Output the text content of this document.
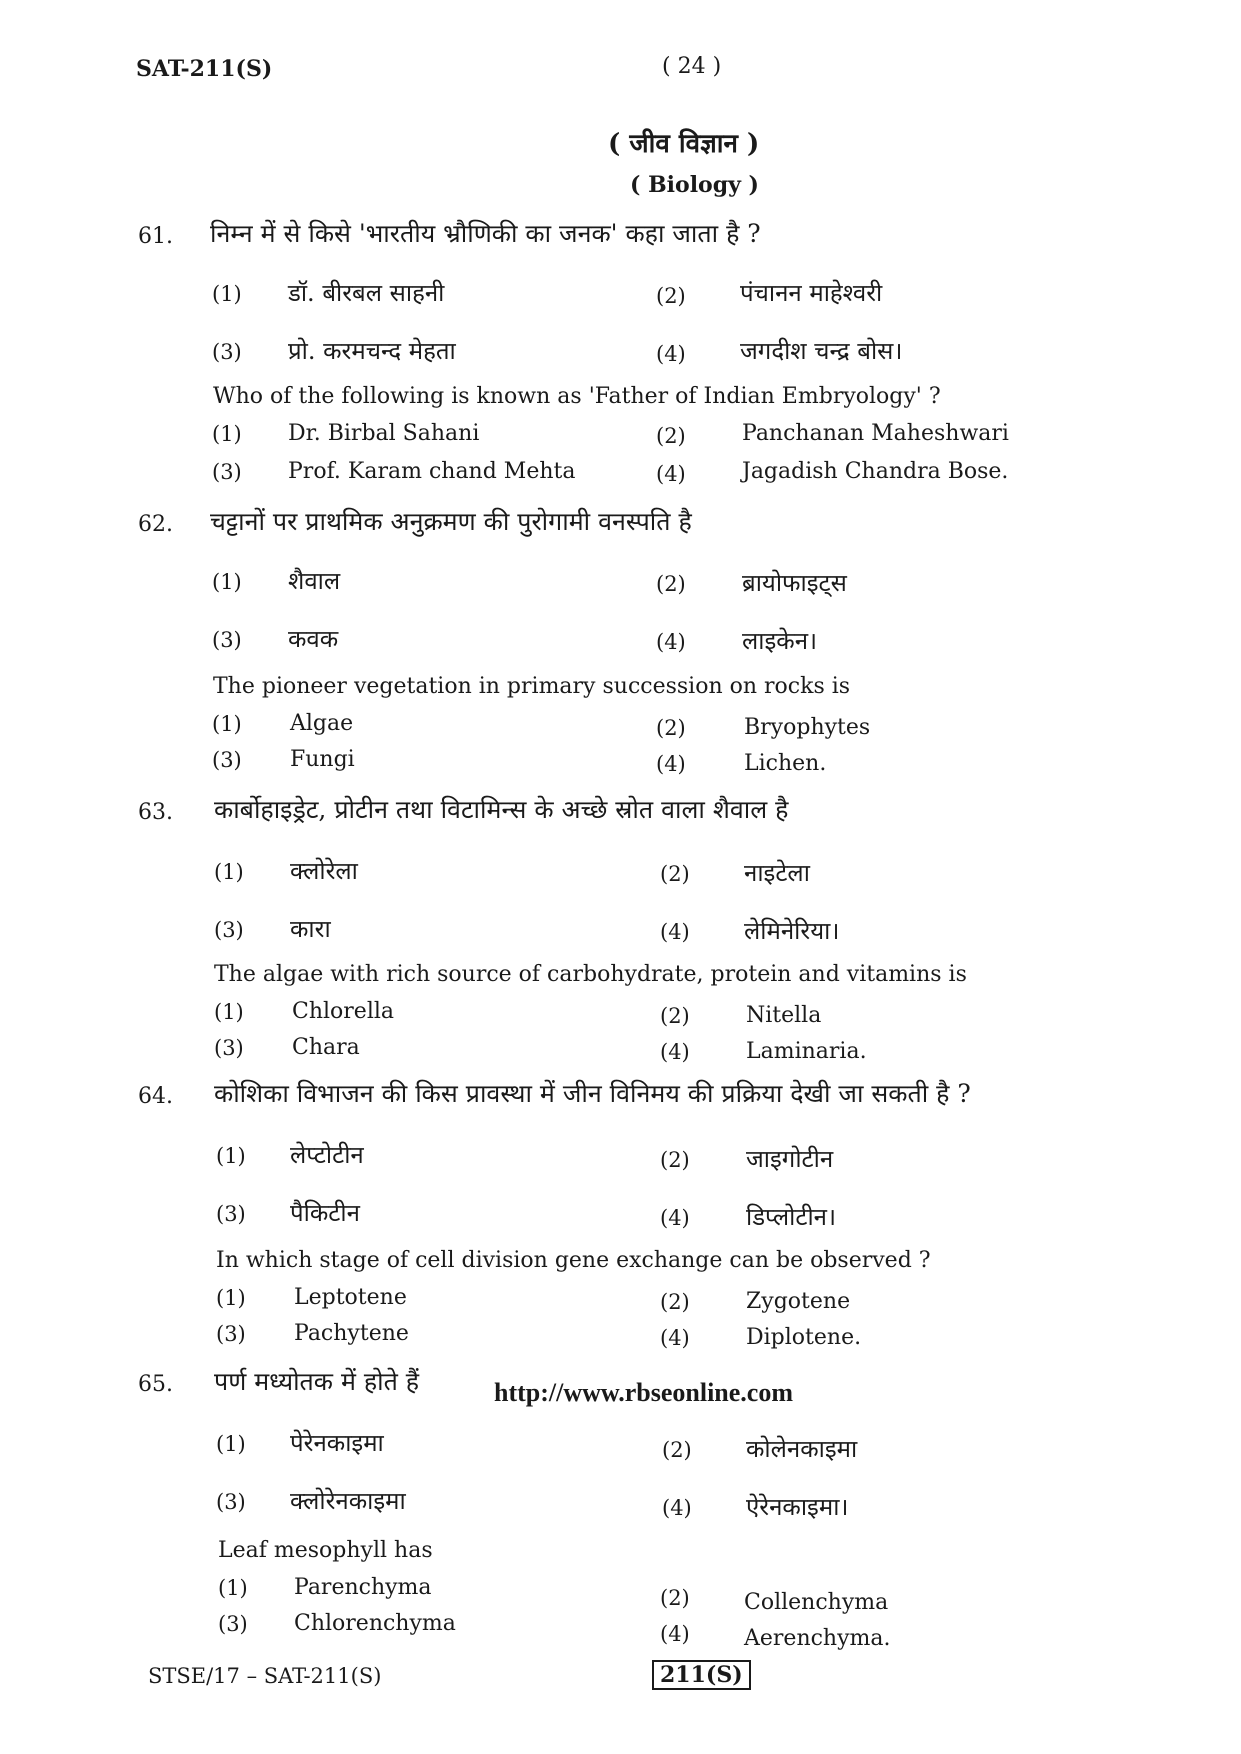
SAT-211(S)	( 24 )
( जीव विज्ञान )
( Biology )
61. निम्न में से किसे 'भारतीय भ्रौणिकी का जनक' कहा जाता है ?
(1) डॉ. बीरबल साहनी	(2) पंचानन माहेश्वरी
(3) प्रो. करमचन्द मेहता	(4) जगदीश चन्द्र बोस।
Who of the following is known as 'Father of Indian Embryology' ?
(1) Dr. Birbal Sahani	(2)	Panchanan Maheshwari
(3) Prof. Karam chand Mehta	(4)	Jagadish Chandra Bose.
62. चट्टानों पर प्राथमिक अनुक्रमण की पुरोगामी वनस्पति है
(1) शैवाल	(2) ब्रायोफाइट्स
(3) कवक	(4) लाइकेन।
The pioneer vegetation in primary succession on rocks is
(1) Algae	(2)	Bryophytes
(3) Fungi	(4)	Lichen.
63. कार्बोहाइड्रेट, प्रोटीन तथा विटामिन्स के अच्छे स्रोत वाला शैवाल है
(1) क्लोरेला	(2) नाइटेला
(3) कारा	(4) लेमिनेरिया।
The algae with rich source of carbohydrate, protein and vitamins is
(1) Chlorella	(2)	Nitella
(3) Chara	(4)	Laminaria.
64. कोशिका विभाजन की किस प्रावस्था में जीन विनिमय की प्रक्रिया देखी जा सकती है ?
(1) लेप्टोटीन	(2) जाइगोटीन
(3) पैकिटीन	(4) डिप्लोटीन।
In which stage of cell division gene exchange can be observed ?
(1) Leptotene	(2)	Zygotene
(3) Pachytene	(4)	Diplotene.
65. पर्ण मध्योतक में होते हैं
(1) पेरेनकाइमा	(2) कोलेनकाइमा
(3) क्लोरेनकाइमा	(4) ऐरेनकाइमा।
Leaf mesophyll has
(1) Parenchyma	(2) Collenchyma
(3) Chlorenchyma	(4) Aerenchyma.
http://www.rbseonline.com
STSE/17 – SAT-211(S)	211(S)
